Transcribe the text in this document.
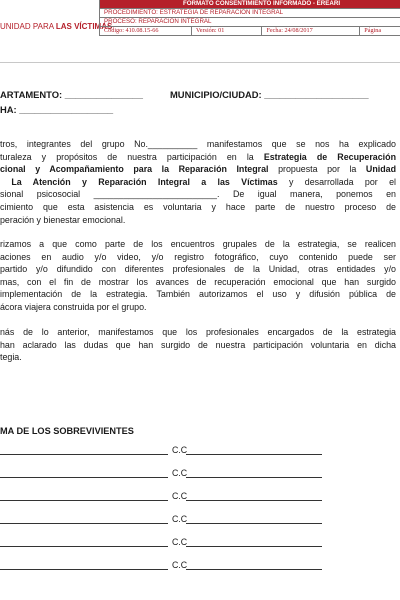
UNIDAD PARA LAS VÍCTIMAS
FORMATO CONSENTIMIENTO INFORMADO - EREARI
PROCEDIMIENTO: ESTRATEGIA DE REPARACIÓN INTEGRAL
PROCESO: REPARACIÓN INTEGRAL
Código: 410.08.15-66	Versión: 01	Fecha: 24/08/2017	Página
ARTAMENTO: _______________	MUNICIPIO/CIUDAD: ____________________
HA: __________________
tros, integrantes del grupo No.__________ manifestamos que se nos ha explicado
turaleza y propósitos de nuestra participación en la Estrategia de Recuperación
cional y Acompañamiento para la Reparación Integral propuesta por la Unidad
La Atención y Reparación Integral a las Víctimas y desarrollada por el
sional psicosocial _________________________. De igual manera, ponemos en
cimiento que esta asistencia es voluntaria y hace parte de nuestro proceso de
peración y bienestar emocional.
rizamos a que como parte de los encuentros grupales de la estrategia, se realicen
aciones en audio y/o video, y/o registro fotográfico, cuyo contenido puede ser
partido y/o difundido con diferentes profesionales de la Unidad, otras entidades y/o
mas, con el fin de mostrar los avances de recuperación emocional que han surgido
implementación de la estrategia. También autorizamos el uso y difusión pública de
ácora viajera construida por el grupo.
nás de lo anterior, manifestamos que los profesionales encargados de la estrategia
han aclarado las dudas que han surgido de nuestra participación voluntaria en dicha
tegia.
MA DE LOS SOBREVIVIENTES
C.C
C.C
C.C
C.C
C.C
C.C
